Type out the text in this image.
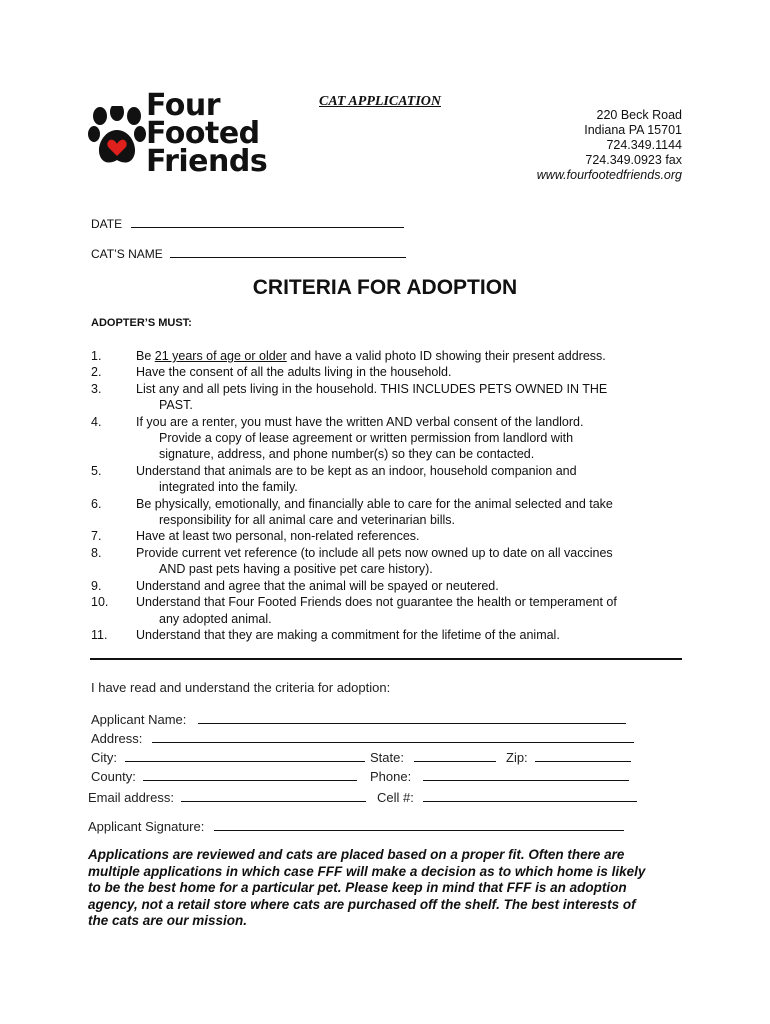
Four
Footed
Friends
CAT APPLICATION
220 Beck Road
Indiana PA 15701
724.349.1144
724.349.0923 fax
www.fourfootedfriends.org
DATE
CAT’S NAME
CRITERIA FOR ADOPTION
ADOPTER’S MUST:
1.	Be 21 years of age or older and have a valid photo ID showing their present address.
2.	Have the consent of all the adults living in the household.
3.	List any and all pets living in the household. THIS INCLUDES PETS OWNED IN THE
PAST.
4.	If you are a renter, you must have the written AND verbal consent of the landlord.
Provide a copy of lease agreement or written permission from landlord with
signature, address, and phone number(s) so they can be contacted.
5.	Understand that animals are to be kept as an indoor, household companion and
integrated into the family.
6.	Be physically, emotionally, and financially able to care for the animal selected and take
responsibility for all animal care and veterinarian bills.
7.	Have at least two personal, non-related references.
8.	Provide current vet reference (to include all pets now owned up to date on all vaccines
AND past pets having a positive pet care history).
9.	Understand and agree that the animal will be spayed or neutered.
10.	Understand that Four Footed Friends does not guarantee the health or temperament of
any adopted animal.
11.	Understand that they are making a commitment for the lifetime of the animal.
I have read and understand the criteria for adoption:
Applicant Name:
Address:
City:	State:	Zip:
County:	Phone:
Email address:	Cell #:
Applicant Signature:
Applications are reviewed and cats are placed based on a proper fit. Often there are multiple applications in which case FFF will make a decision as to which home is likely to be the best home for a particular pet. Please keep in mind that FFF is an adoption agency, not a retail store where cats are purchased off the shelf. The best interests of the cats are our mission.
